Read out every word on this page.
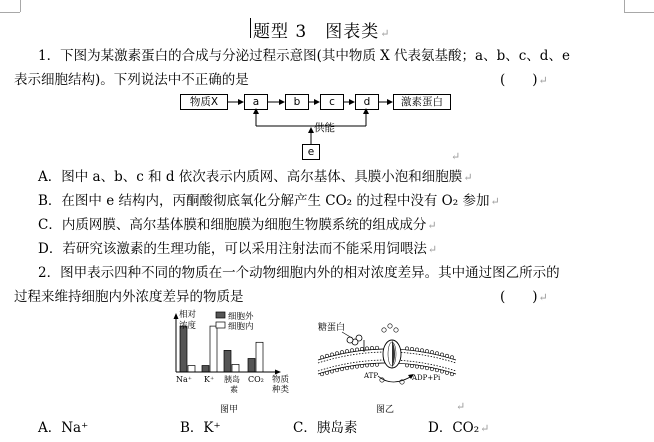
题型 3　图表类↵
1．下图为某激素蛋白的合成与分泌过程示意图(其中物质 X 代表氨基酸；a、b、c、d、e
表示细胞结构)。下列说法中不正确的是	(　　)↵
物质X	a	b	c	d	激素蛋白
e
供能
↵
A．图中 a、b、c 和 d 依次表示内质网、高尔基体、具膜小泡和细胞膜↵
B．在图中 e 结构内，丙酮酸彻底氧化分解产生 CO₂ 的过程中没有 O₂ 参加↵
C．内质网膜、高尔基体膜和细胞膜为细胞生物膜系统的组成成分↵
D．若研究该激素的生理功能，可以采用注射法而不能采用饲喂法↵
2．图甲表示四种不同的物质在一个动物细胞内外的相对浓度差异。其中通过图乙所示的
过程来维持细胞内外浓度差异的物质是	(　　)↵
相对
浓度
细胞外
细胞内
Na⁺ K⁺ 胰岛
素
CO₂ 物质
种类
图甲
糖蛋白
ATP	ADP+Pi
图乙	↵
A．Na⁺	B．K⁺	C．胰岛素	D．CO₂↵
